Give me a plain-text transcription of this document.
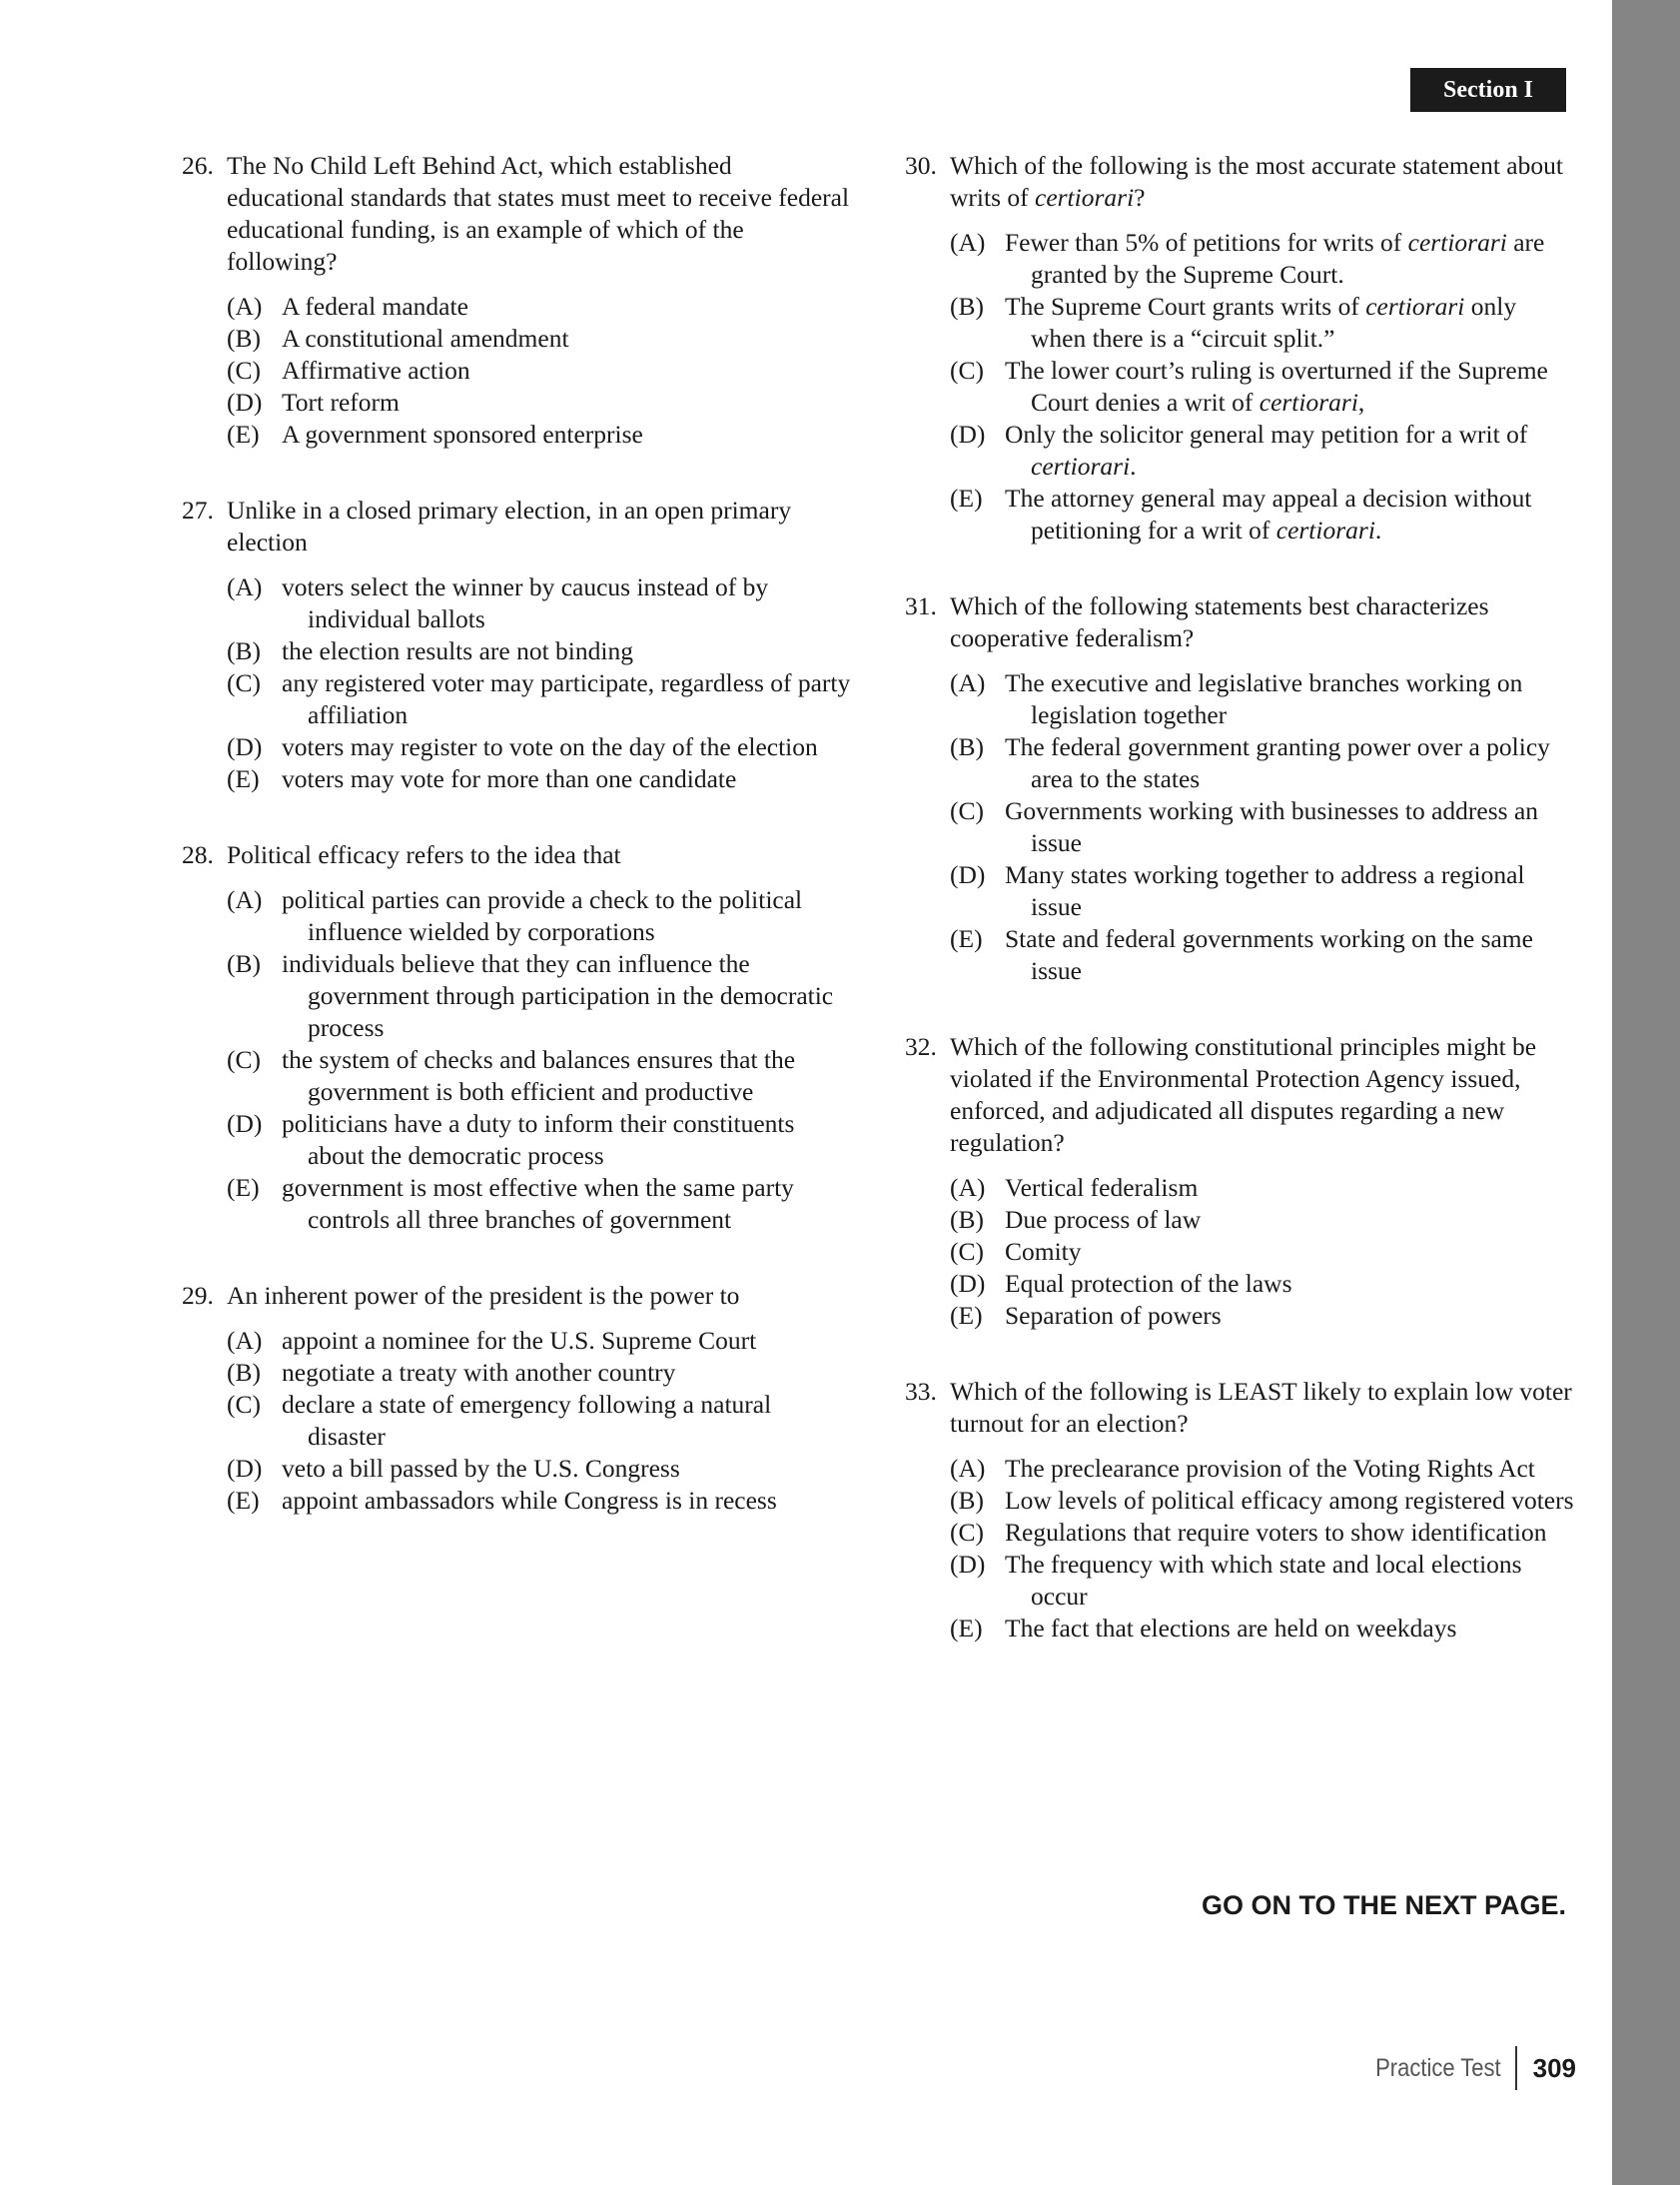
Section I
26. The No Child Left Behind Act, which established educational standards that states must meet to receive federal educational funding, is an example of which of the following?
(A) A federal mandate
(B) A constitutional amendment
(C) Affirmative action
(D) Tort reform
(E) A government sponsored enterprise
27. Unlike in a closed primary election, in an open primary election
(A) voters select the winner by caucus instead of by individual ballots
(B) the election results are not binding
(C) any registered voter may participate, regardless of party affiliation
(D) voters may register to vote on the day of the election
(E) voters may vote for more than one candidate
28. Political efficacy refers to the idea that
(A) political parties can provide a check to the political influence wielded by corporations
(B) individuals believe that they can influence the government through participation in the democratic process
(C) the system of checks and balances ensures that the government is both efficient and productive
(D) politicians have a duty to inform their constituents about the democratic process
(E) government is most effective when the same party controls all three branches of government
29. An inherent power of the president is the power to
(A) appoint a nominee for the U.S. Supreme Court
(B) negotiate a treaty with another country
(C) declare a state of emergency following a natural disaster
(D) veto a bill passed by the U.S. Congress
(E) appoint ambassadors while Congress is in recess
30. Which of the following is the most accurate statement about writs of certiorari?
(A) Fewer than 5% of petitions for writs of certiorari are granted by the Supreme Court.
(B) The Supreme Court grants writs of certiorari only when there is a “circuit split.”
(C) The lower court’s ruling is overturned if the Supreme Court denies a writ of certiorari,
(D) Only the solicitor general may petition for a writ of certiorari.
(E) The attorney general may appeal a decision without petitioning for a writ of certiorari.
31. Which of the following statements best characterizes cooperative federalism?
(A) The executive and legislative branches working on legislation together
(B) The federal government granting power over a policy area to the states
(C) Governments working with businesses to address an issue
(D) Many states working together to address a regional issue
(E) State and federal governments working on the same issue
32. Which of the following constitutional principles might be violated if the Environmental Protection Agency issued, enforced, and adjudicated all disputes regarding a new regulation?
(A) Vertical federalism
(B) Due process of law
(C) Comity
(D) Equal protection of the laws
(E) Separation of powers
33. Which of the following is LEAST likely to explain low voter turnout for an election?
(A) The preclearance provision of the Voting Rights Act
(B) Low levels of political efficacy among registered voters
(C) Regulations that require voters to show identification
(D) The frequency with which state and local elections occur
(E) The fact that elections are held on weekdays
GO ON TO THE NEXT PAGE.
Practice Test 309
